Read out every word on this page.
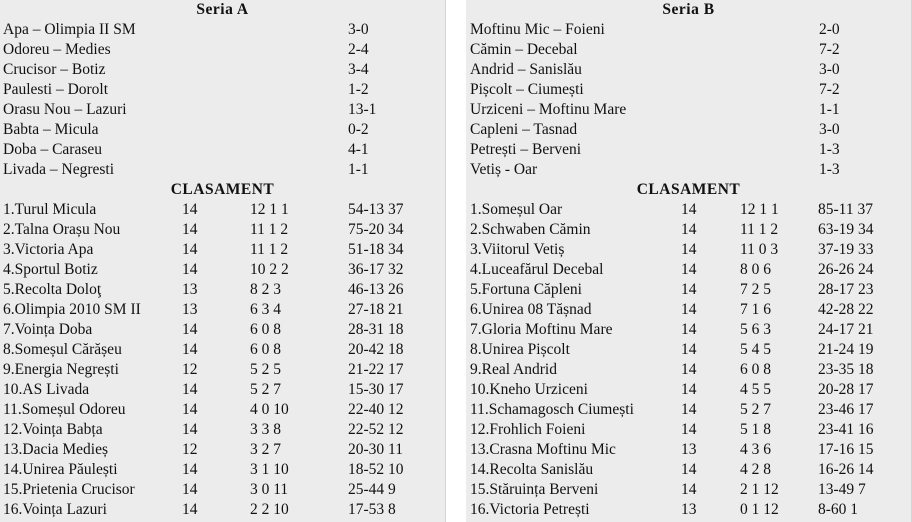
Seria A
Apa – Olimpia II SM	3-0
Odoreu – Medies	2-4
Crucisor – Botiz	3-4
Paulesti – Dorolt	1-2
Orasu Nou – Lazuri	13-1
Babta – Micula	0-2
Doba – Caraseu	4-1
Livada – Negresti	1-1
CLASAMENT
1.Turul Micula	14	12 1 1	54-13 37
2.Talna Orașu Nou	14	11 1 2	75-20 34
3.Victoria Apa	14	11 1 2	51-18 34
4.Sportul Botiz	14	10 2 2	36-17 32
5.Recolta Doloţ	13	8 2 3	46-13 26
6.Olimpia 2010 SM II	13	6 3 4	27-18 21
7.Voința Doba	14	6 0 8	28-31 18
8.Someșul Cărășeu	14	6 0 8	20-42 18
9.Energia Negrești	12	5 2 5	21-22 17
10.AS Livada	14	5 2 7	15-30 17
11.Someșul Odoreu	14	4 0 10	22-40 12
12.Voința Babța	14	3 3 8	22-52 12
13.Dacia Medieș	12	3 2 7	20-30 11
14.Unirea Păulești	14	3 1 10	18-52 10
15.Prietenia Crucisor	14	3 0 11	25-44 9
16.Voința Lazuri	14	2 2 10	17-53 8
Seria B
Moftinu Mic – Foieni	2-0
Cămin – Decebal	7-2
Andrid – Sanislău	3-0
Pișcolt – Ciumești	7-2
Urziceni – Moftinu Mare	1-1
Capleni – Tasnad	3-0
Petrești – Berveni	1-3
Vetiș - Oar	1-3
CLASAMENT
1.Someșul Oar	14	12 1 1	85-11 37
2.Schwaben Cămin	14	11 1 2	63-19 34
3.Viitorul Vetiș	14	11 0 3	37-19 33
4.Luceafărul Decebal	14	8 0 6	26-26 24
5.Fortuna Căpleni	14	7 2 5	28-17 23
6.Unirea 08 Tășnad	14	7 1 6	42-28 22
7.Gloria Moftinu Mare	14	5 6 3	24-17 21
8.Unirea Pișcolt	14	5 4 5	21-24 19
9.Real Andrid	14	6 0 8	23-35 18
10.Kneho Urziceni	14	4 5 5	20-28 17
11.Schamagosch Ciumești	14	5 2 7	23-46 17
12.Frohlich Foieni	14	5 1 8	23-41 16
13.Crasna Moftinu Mic	13	4 3 6	17-16 15
14.Recolta Sanislău	14	4 2 8	16-26 14
15.Stăruința Berveni	14	2 1 12	13-49 7
16.Victoria Petrești	13	0 1 12	8-60 1
